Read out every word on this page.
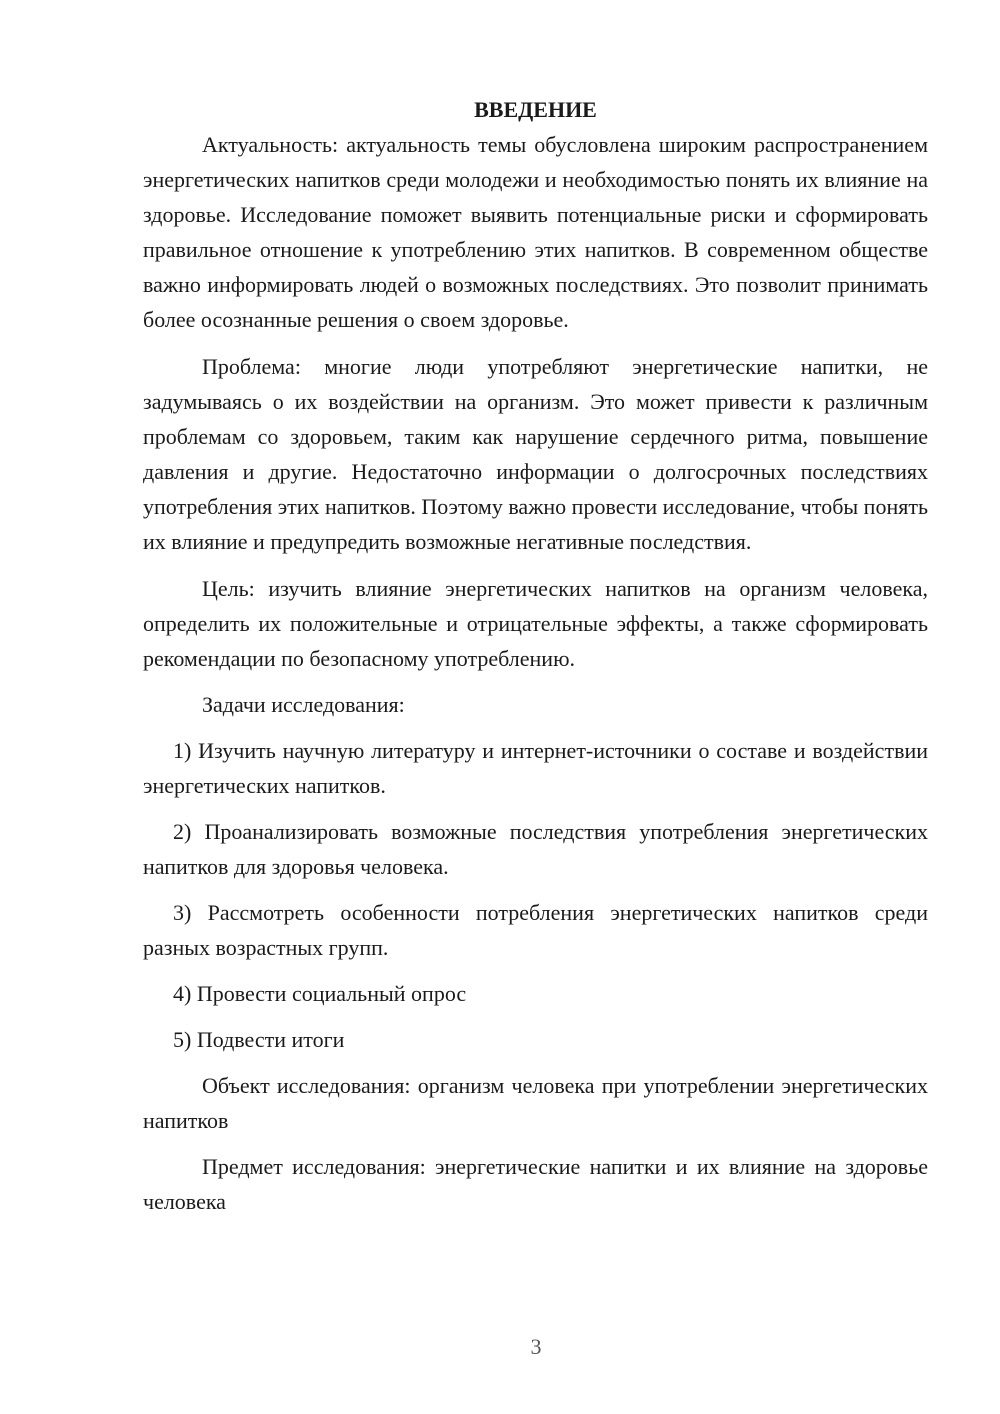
ВВЕДЕНИЕ

Актуальность: актуальность темы обусловлена широким распространением энергетических напитков среди молодежи и необходимостью понять их влияние на здоровье. Исследование поможет выявить потенциальные риски и сформировать правильное отношение к употреблению этих напитков. В современном обществе важно информировать людей о возможных последствиях. Это позволит принимать более осознанные решения о своем здоровье.

Проблема: многие люди употребляют энергетические напитки, не задумываясь о их воздействии на организм. Это может привести к различным проблемам со здоровьем, таким как нарушение сердечного ритма, повышение давления и другие. Недостаточно информации о долгосрочных последствиях употребления этих напитков. Поэтому важно провести исследование, чтобы понять их влияние и предупредить возможные негативные последствия.

Цель: изучить влияние энергетических напитков на организм человека, определить их положительные и отрицательные эффекты, а также сформировать рекомендации по безопасному употреблению.

Задачи исследования:

1) Изучить научную литературу и интернет-источники о составе и воздействии энергетических напитков.

2) Проанализировать возможные последствия употребления энергетических напитков для здоровья человека.

3) Рассмотреть особенности потребления энергетических напитков среди разных возрастных групп.

4) Провести социальный опрос

5) Подвести итоги

Объект исследования: организм человека при употреблении энергетических напитков

Предмет исследования: энергетические напитки и их влияние на здоровье человека

3
